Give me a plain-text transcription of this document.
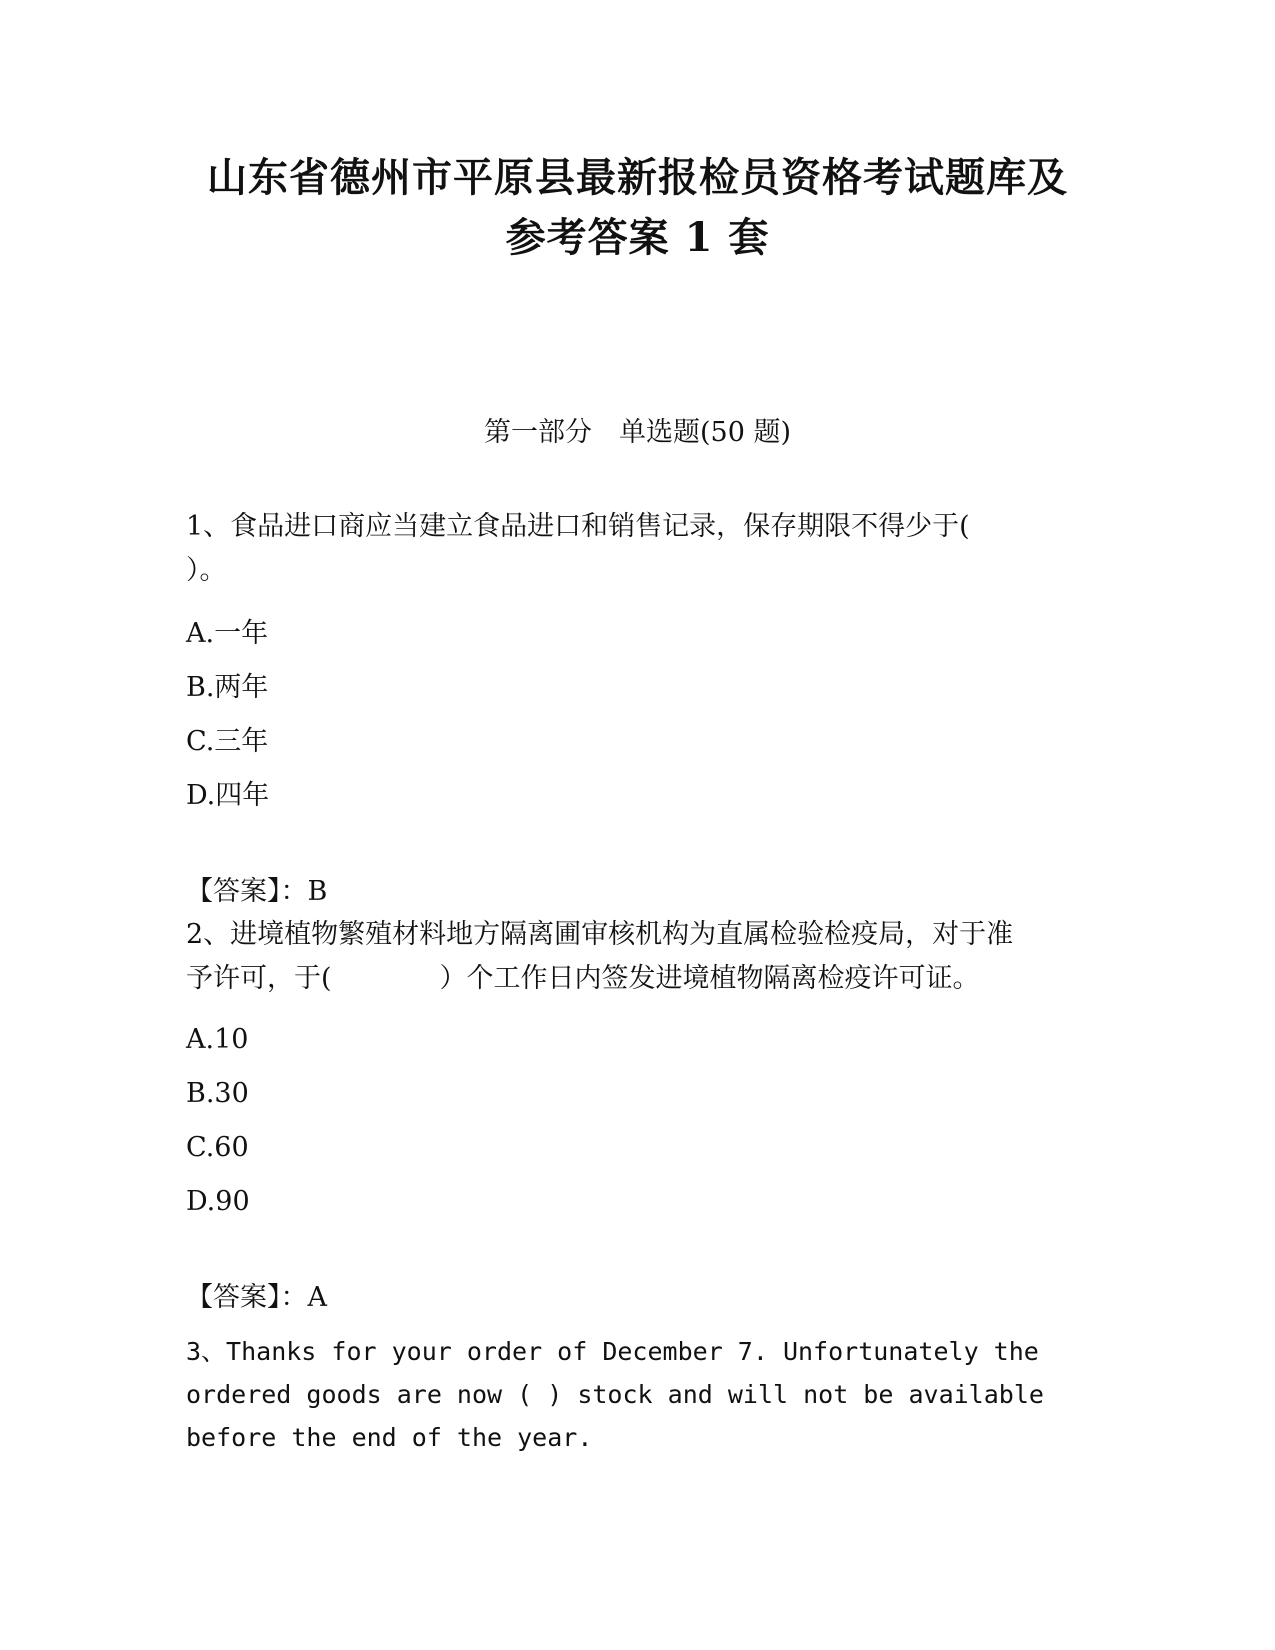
山东省德州市平原县最新报检员资格考试题库及
参考答案 1 套
第一部分　单选题(50 题)
1、食品进口商应当建立食品进口和销售记录，保存期限不得少于(
）。
A.一年
B.两年
C.三年
D.四年
【答案】：B
2、进境植物繁殖材料地方隔离圃审核机构为直属检验检疫局，对于准
予许可，于(　　　　）个工作日内签发进境植物隔离检疫许可证。
A.10
B.30
C.60
D.90
【答案】：A
3、Thanks for your order of December 7. Unfortunately the
ordered goods are now ( ) stock and will not be available
before the end of the year.
